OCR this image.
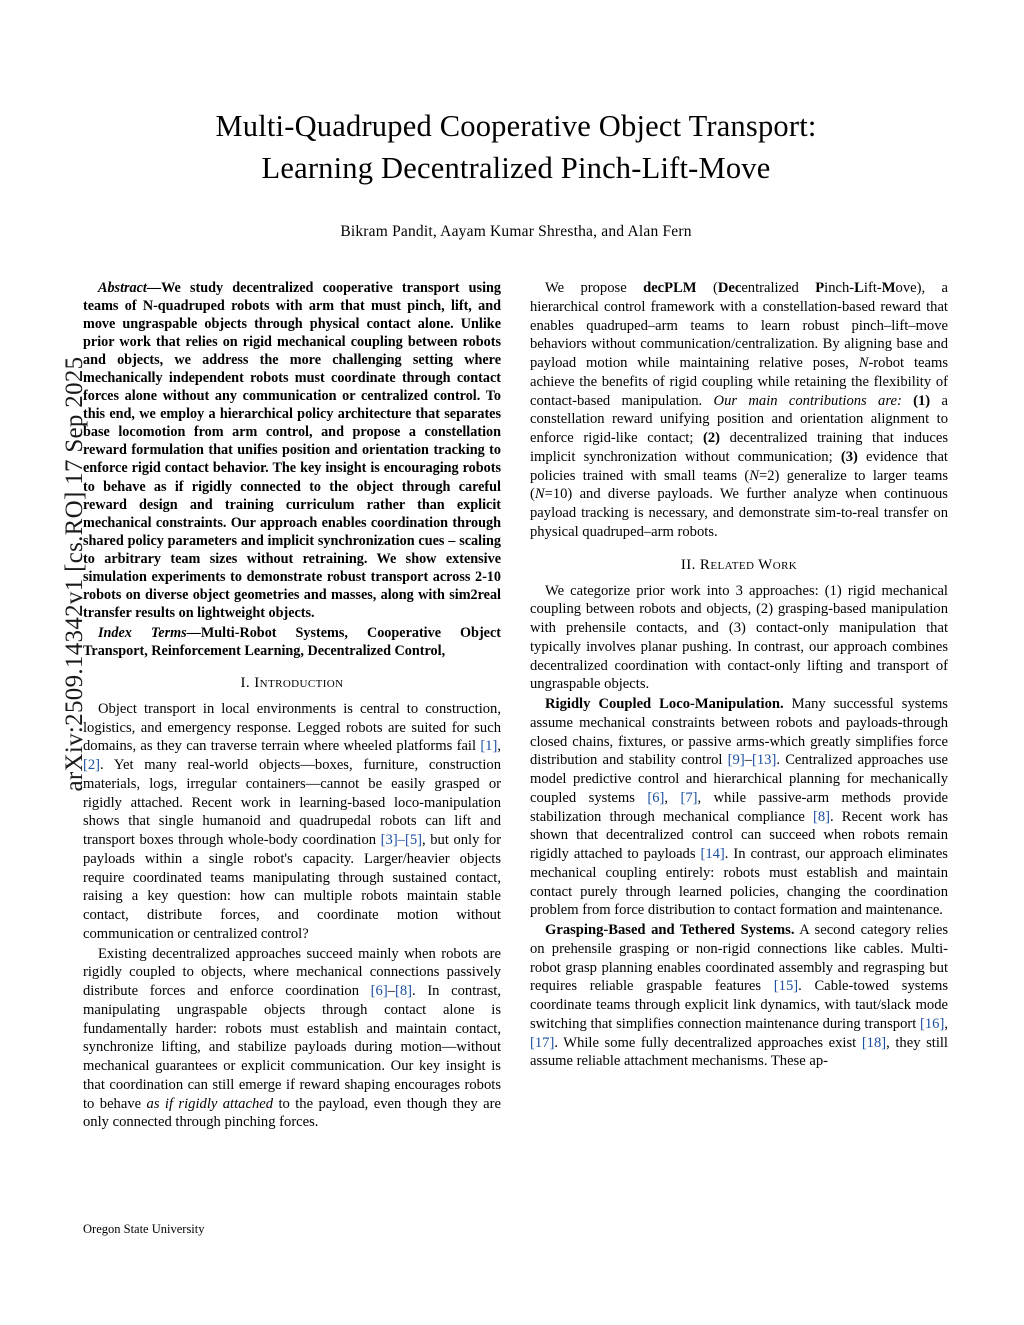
arXiv:2509.14342v1 [cs.RO] 17 Sep 2025
Multi-Quadruped Cooperative Object Transport:
Learning Decentralized Pinch-Lift-Move
Bikram Pandit, Aayam Kumar Shrestha, and Alan Fern
Abstract—We study decentralized cooperative transport using teams of N-quadruped robots with arm that must pinch, lift, and move ungraspable objects through physical contact alone. Unlike prior work that relies on rigid mechanical coupling between robots and objects, we address the more challenging setting where mechanically independent robots must coordinate through contact forces alone without any communication or centralized control. To this end, we employ a hierarchical policy architecture that separates base locomotion from arm control, and propose a constellation reward formulation that unifies position and orientation tracking to enforce rigid contact behavior. The key insight is encouraging robots to behave as if rigidly connected to the object through careful reward design and training curriculum rather than explicit mechanical constraints. Our approach enables coordination through shared policy parameters and implicit synchronization cues – scaling to arbitrary team sizes without retraining. We show extensive simulation experiments to demonstrate robust transport across 2-10 robots on diverse object geometries and masses, along with sim2real transfer results on lightweight objects.
Index Terms—Multi-Robot Systems, Cooperative Object Transport, Reinforcement Learning, Decentralized Control,
I. Introduction

Object transport in local environments is central to construction, logistics, and emergency response. Legged robots are suited for such domains, as they can traverse terrain where wheeled platforms fail [1], [2]. Yet many real-world objects—boxes, furniture, construction materials, logs, irregular containers—cannot be easily grasped or rigidly attached. Recent work in learning-based loco-manipulation shows that single humanoid and quadrupedal robots can lift and transport boxes through whole-body coordination [3]–[5], but only for payloads within a single robot's capacity. Larger/heavier objects require coordinated teams manipulating through sustained contact, raising a key question: how can multiple robots maintain stable contact, distribute forces, and coordinate motion without communication or centralized control?

Existing decentralized approaches succeed mainly when robots are rigidly coupled to objects, where mechanical connections passively distribute forces and enforce coordination [6]–[8]. In contrast, manipulating ungraspable objects through contact alone is fundamentally harder: robots must establish and maintain contact, synchronize lifting, and stabilize payloads during motion—without mechanical guarantees or explicit communication. Our key insight is that coordination can still emerge if reward shaping encourages robots to behave as if rigidly attached to the payload, even though they are only connected through pinching forces.

We propose decPLM (Decentralized Pinch-Lift-Move), a hierarchical control framework with a constellation-based reward that enables quadruped–arm teams to learn robust pinch–lift–move behaviors without communication/centralization. By aligning base and payload motion while maintaining relative poses, N-robot teams achieve the benefits of rigid coupling while retaining the flexibility of contact-based manipulation. Our main contributions are: (1) a constellation reward unifying position and orientation alignment to enforce rigid-like contact; (2) decentralized training that induces implicit synchronization without communication; (3) evidence that policies trained with small teams (N=2) generalize to larger teams (N=10) and diverse payloads. We further analyze when continuous payload tracking is necessary, and demonstrate sim-to-real transfer on physical quadruped–arm robots.

II. Related Work

We categorize prior work into 3 approaches: (1) rigid mechanical coupling between robots and objects, (2) grasping-based manipulation with prehensile contacts, and (3) contact-only manipulation that typically involves planar pushing. In contrast, our approach combines decentralized coordination with contact-only lifting and transport of ungraspable objects.

Rigidly Coupled Loco-Manipulation. Many successful systems assume mechanical constraints between robots and payloads-through closed chains, fixtures, or passive arms-which greatly simplifies force distribution and stability control [9]–[13]. Centralized approaches use model predictive control and hierarchical planning for mechanically coupled systems [6], [7], while passive-arm methods provide stabilization through mechanical compliance [8]. Recent work has shown that decentralized control can succeed when robots remain rigidly attached to payloads [14]. In contrast, our approach eliminates mechanical coupling entirely: robots must establish and maintain contact purely through learned policies, changing the coordination problem from force distribution to contact formation and maintenance.

Grasping-Based and Tethered Systems. A second category relies on prehensile grasping or non-rigid connections like cables. Multi-robot grasp planning enables coordinated assembly and regrasping but requires reliable graspable features [15]. Cable-towed systems coordinate teams through explicit link dynamics, with taut/slack mode switching that simplifies connection maintenance during transport [16], [17]. While some fully decentralized approaches exist [18], they still assume reliable attachment mechanisms. These ap-

Oregon State University
